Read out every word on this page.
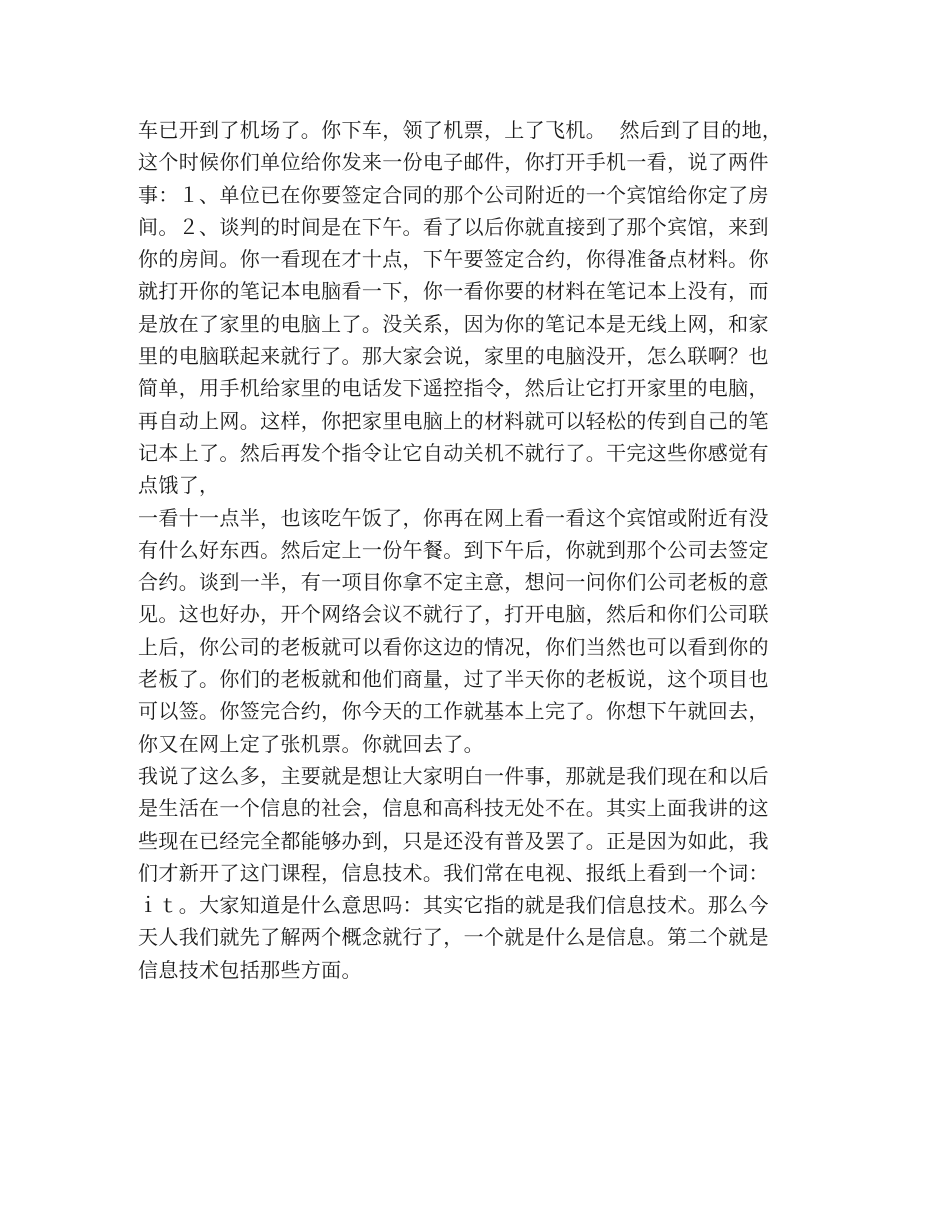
车已开到了机场了。你下车，领了机票，上了飞机。  然后到了目的地，
这个时候你们单位给你发来一份电子邮件，你打开手机一看，说了两件
事：１、单位已在你要签定合同的那个公司附近的一个宾馆给你定了房
间。２、谈判的时间是在下午。看了以后你就直接到了那个宾馆，来到
你的房间。你一看现在才十点，下午要签定合约，你得准备点材料。你
就打开你的笔记本电脑看一下，你一看你要的材料在笔记本上没有，而
是放在了家里的电脑上了。没关系，因为你的笔记本是无线上网，和家
里的电脑联起来就行了。那大家会说，家里的电脑没开，怎么联啊？也
简单，用手机给家里的电话发下遥控指令，然后让它打开家里的电脑，
再自动上网。这样，你把家里电脑上的材料就可以轻松的传到自己的笔
记本上了。然后再发个指令让它自动关机不就行了。干完这些你感觉有
点饿了，
一看十一点半，也该吃午饭了，你再在网上看一看这个宾馆或附近有没
有什么好东西。然后定上一份午餐。到下午后，你就到那个公司去签定
合约。谈到一半，有一项目你拿不定主意，想问一问你们公司老板的意
见。这也好办，开个网络会议不就行了，打开电脑，然后和你们公司联
上后，你公司的老板就可以看你这边的情况，你们当然也可以看到你的
老板了。你们的老板就和他们商量，过了半天你的老板说，这个项目也
可以签。你签完合约，你今天的工作就基本上完了。你想下午就回去，
你又在网上定了张机票。你就回去了。
我说了这么多，主要就是想让大家明白一件事，那就是我们现在和以后
是生活在一个信息的社会，信息和高科技无处不在。其实上面我讲的这
些现在已经完全都能够办到，只是还没有普及罢了。正是因为如此，我
们才新开了这门课程，信息技术。我们常在电视、报纸上看到一个词：
ｉｔ。大家知道是什么意思吗：其实它指的就是我们信息技术。那么今
天人我们就先了解两个概念就行了，一个就是什么是信息。第二个就是
信息技术包括那些方面。
